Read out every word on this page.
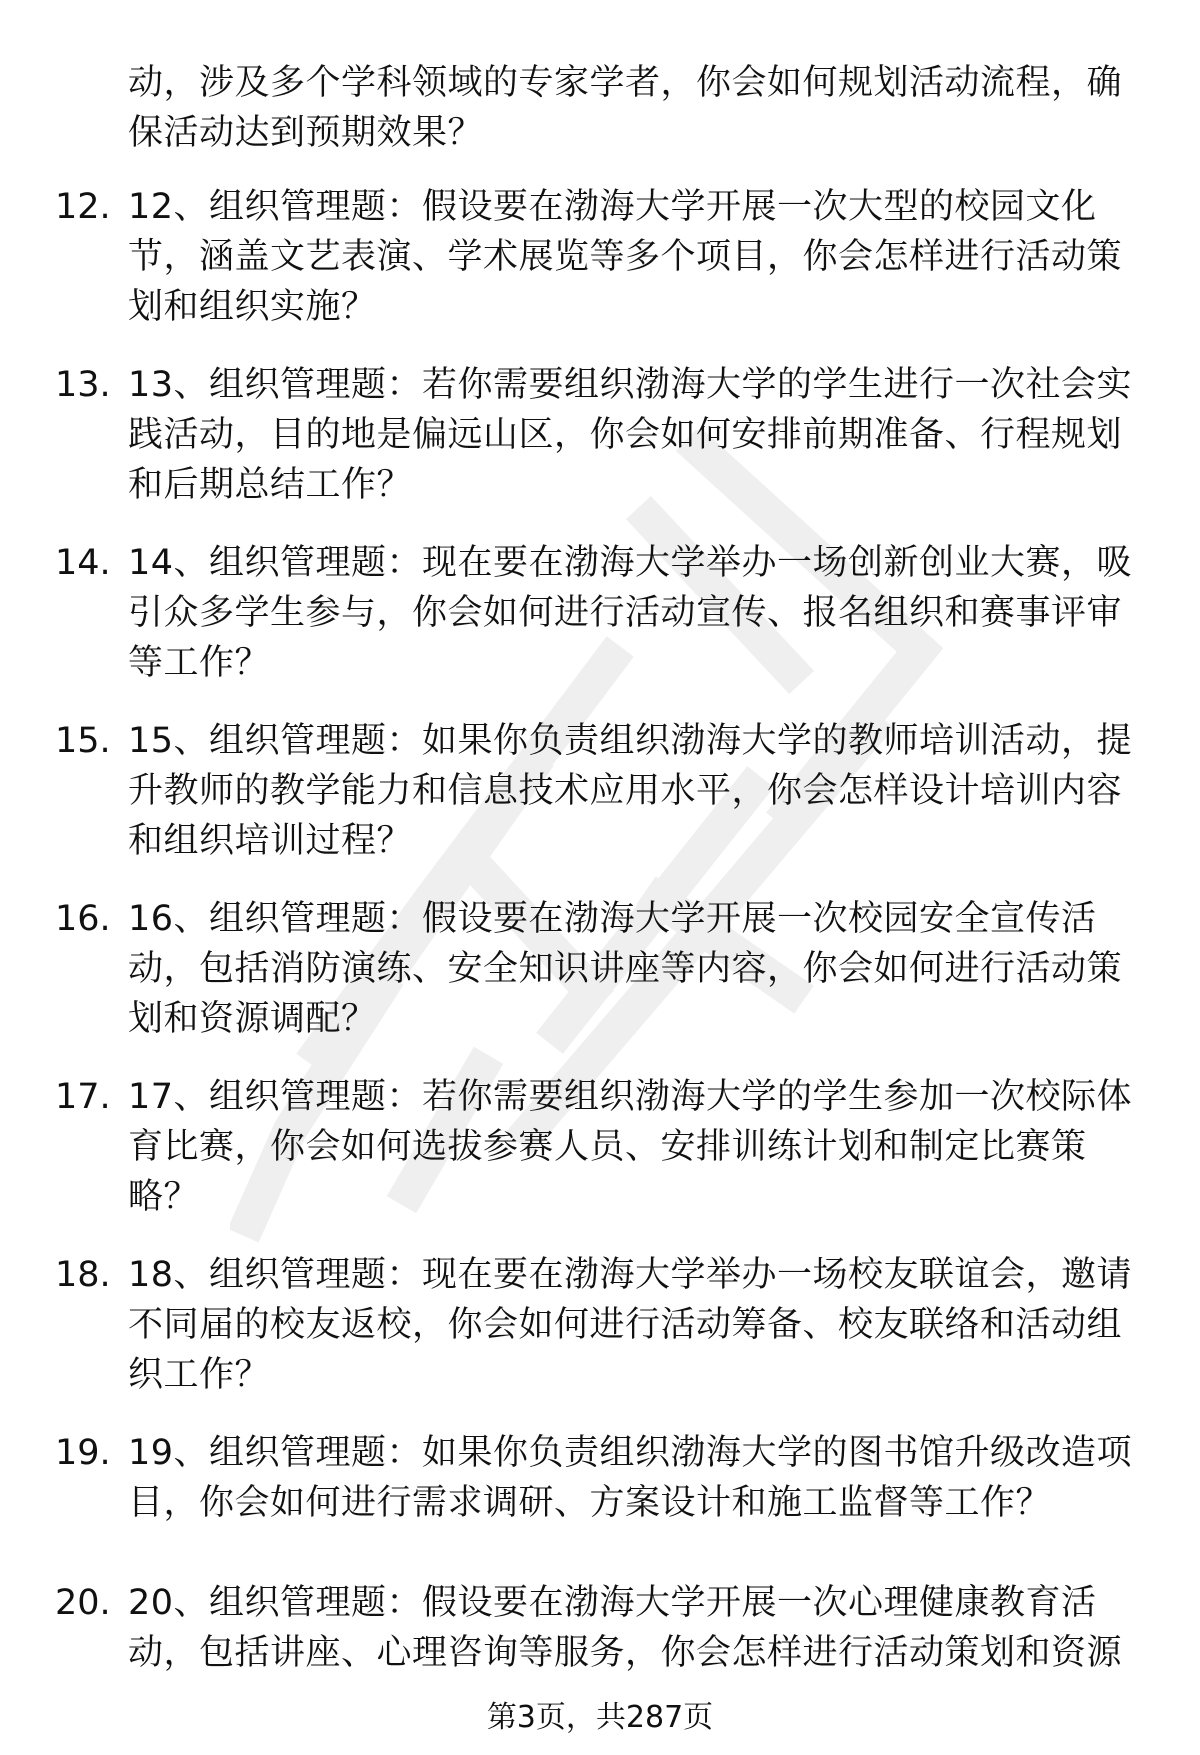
动，涉及多个学科领域的专家学者，你会如何规划活动流程，确保活动达到预期效果？
12. 12、组织管理题：假设要在渤海大学开展一次大型的校园文化节，涵盖文艺表演、学术展览等多个项目，你会怎样进行活动策划和组织实施？
13. 13、组织管理题：若你需要组织渤海大学的学生进行一次社会实践活动，目的地是偏远山区，你会如何安排前期准备、行程规划和后期总结工作？
14. 14、组织管理题：现在要在渤海大学举办一场创新创业大赛，吸引众多学生参与，你会如何进行活动宣传、报名组织和赛事评审等工作？
15. 15、组织管理题：如果你负责组织渤海大学的教师培训活动，提升教师的教学能力和信息技术应用水平，你会怎样设计培训内容和组织培训过程？
16. 16、组织管理题：假设要在渤海大学开展一次校园安全宣传活动，包括消防演练、安全知识讲座等内容，你会如何进行活动策划和资源调配？
17. 17、组织管理题：若你需要组织渤海大学的学生参加一次校际体育比赛，你会如何选拔参赛人员、安排训练计划和制定比赛策略？
18. 18、组织管理题：现在要在渤海大学举办一场校友联谊会，邀请不同届的校友返校，你会如何进行活动筹备、校友联络和活动组织工作？
19. 19、组织管理题：如果你负责组织渤海大学的图书馆升级改造项目，你会如何进行需求调研、方案设计和施工监督等工作？
20. 20、组织管理题：假设要在渤海大学开展一次心理健康教育活动，包括讲座、心理咨询等服务，你会怎样进行活动策划和资源
第3页，共287页
